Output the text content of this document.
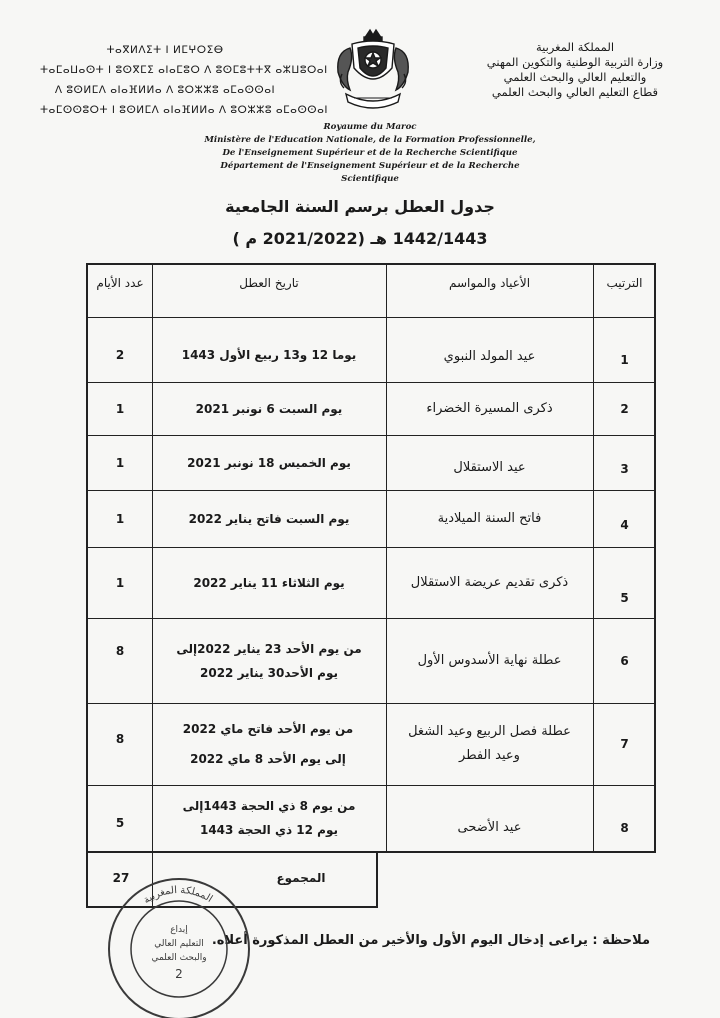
ⵜⴰⴳⵍⴷⵉⵜ ⵏ ⵍⵎⵖⵔⵉⴱ
ⵜⴰⵎⴰⵡⴰⵙⵜ ⵏ ⵓⵙⴳⵎⵉ ⴰⵏⴰⵎⵓⵔ ⴷ ⵓⵙⵎⵓⵜⵜⴳ ⴰⵣⵡⵓⵔⴰⵏ
ⴷ ⵓⵙⵍⵎⴷ ⴰⵏⴰⴼⵍⵍⴰ ⴷ ⵓⵔⵣⵣⵓ ⴰⵎⴰⵙⵙⴰⵏ
ⵜⴰⵎⵙⵙⵓⵔⵜ ⵏ ⵓⵙⵍⵎⴷ ⴰⵏⴰⴼⵍⵍⴰ ⴷ ⵓⵔⵣⵣⵓ ⴰⵎⴰⵙⵙⴰⵏ
المملكة المغربية
وزارة التربية الوطنية والتكوين المهني
والتعليم العالي والبحث العلمي
قطاع التعليم العالي والبحث العلمي
Royaume du Maroc
Ministère de l'Education Nationale, de la Formation Professionnelle,
De l'Enseignement Supérieur et de la Recherche Scientifique
Département de l'Enseignement Supérieur et de la Recherche Scientifique
جدول العطل برسم السنة الجامعية
1442/1443 هـ (2021/2022 م )
الترتيب
الأعياد والمواسم
تاريخ العطل
عدد الأيام
1
عيد المولد النبوي
يوما 12 و13 ربيع الأول 1443
2
2
ذكرى المسيرة الخضراء
يوم السبت 6 نونبر 2021
1
3
عيد الاستقلال
يوم الخميس 18 نونبر 2021
1
4
فاتح السنة الميلادية
يوم السبت فاتح يناير 2022
1
5
ذكرى تقديم عريضة الاستقلال
يوم الثلاثاء 11 يناير 2022
1
6
عطلة نهاية الأسدوس الأول
من يوم الأحد 23 يناير 2022إلى يوم الأحد30 يناير 2022
8
7
عطلة فصل الربيع وعيد الشغل وعيد الفطر
من يوم الأحد فاتح ماي 2022 إلى يوم الأحد 8 ماي 2022
8
8
عيد الأضحى
من يوم 8 ذي الحجة 1443إلى يوم 12 ذي الحجة 1443
5
المجموع
27
ملاحظة : يراعى إدخال اليوم الأول والأخير من العطل المذكورة أعلاه.
المملكة المغربية
إبداع
التعليم العالي
والبحث العلمي
2
